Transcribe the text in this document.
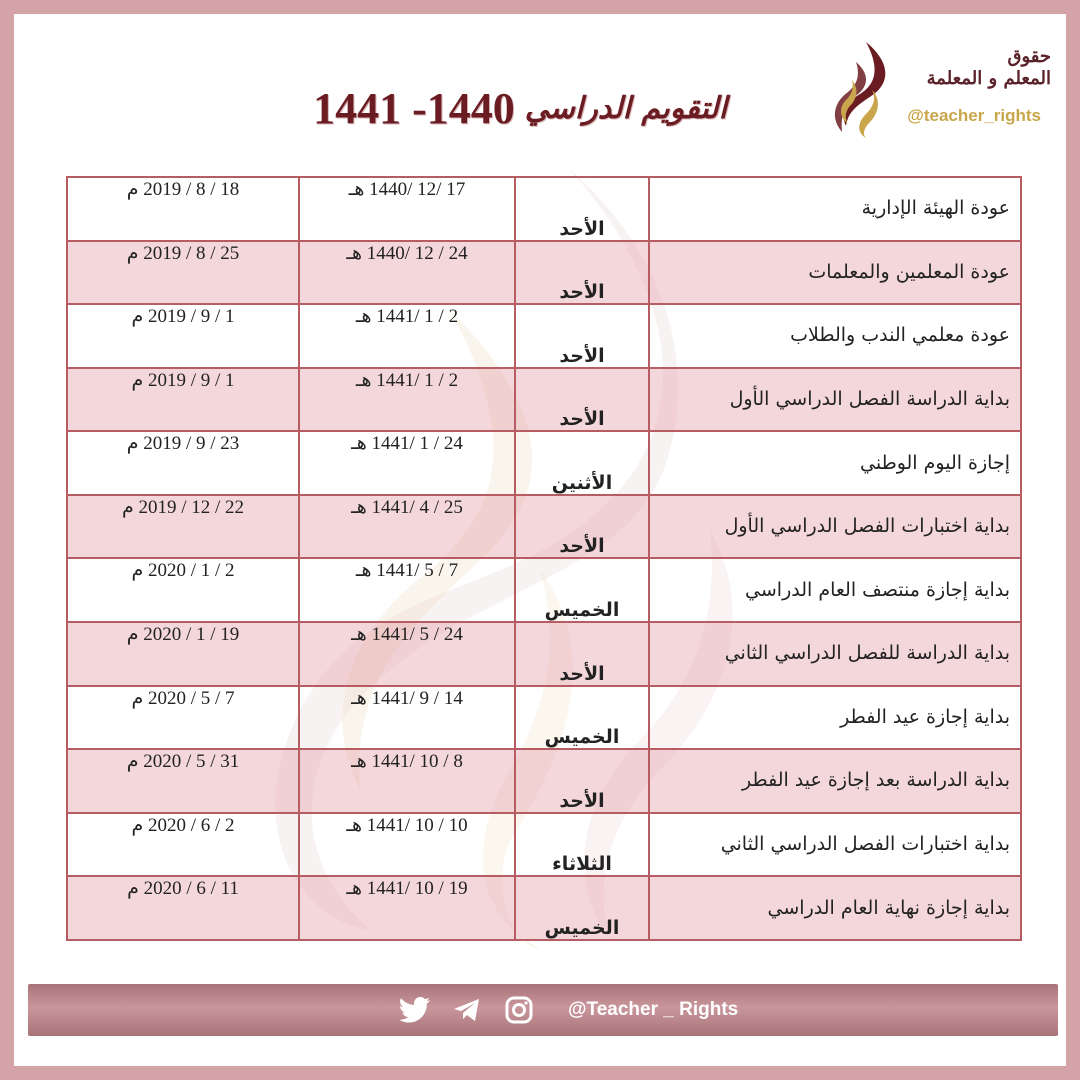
حقوق
المعلم و المعلمة
@teacher_rights
التقويم الدراسي
1441 -1440
عودة الهيئة الإدارية	الأحد	17 /12 /1440 هـ	18 / 8 / 2019 م
عودة المعلمين والمعلمات	الأحد	24 / 12 /1440 هـ	25 / 8 / 2019 م
عودة معلمي الندب والطلاب	الأحد	2 / 1 /1441 هـ	1 / 9 / 2019 م
بداية الدراسة الفصل الدراسي الأول	الأحد	2 / 1 /1441 هـ	1 / 9 / 2019 م
إجازة اليوم الوطني	الأثنين	24 / 1 /1441 هـ	23 / 9 / 2019 م
بداية اختبارات الفصل الدراسي الأول	الأحد	25 / 4 /1441 هـ	22 / 12 / 2019 م
بداية إجازة منتصف العام الدراسي	الخميس	7 / 5 /1441 هـ	2 / 1 / 2020 م
بداية الدراسة للفصل الدراسي الثاني	الأحد	24 / 5 /1441 هـ	19 / 1 / 2020 م
بداية إجازة عيد الفطر	الخميس	14 / 9 /1441 هـ	7 / 5 / 2020 م
بداية الدراسة بعد إجازة عيد الفطر	الأحد	8 / 10 /1441 هـ	31 / 5 / 2020 م
بداية اختبارات الفصل الدراسي الثاني	الثلاثاء	10 / 10 /1441 هـ	2 / 6 / 2020 م
بداية إجازة نهاية العام الدراسي	الخميس	19 / 10 /1441 هـ	11 / 6 / 2020 م
@Teacher _ Rights
